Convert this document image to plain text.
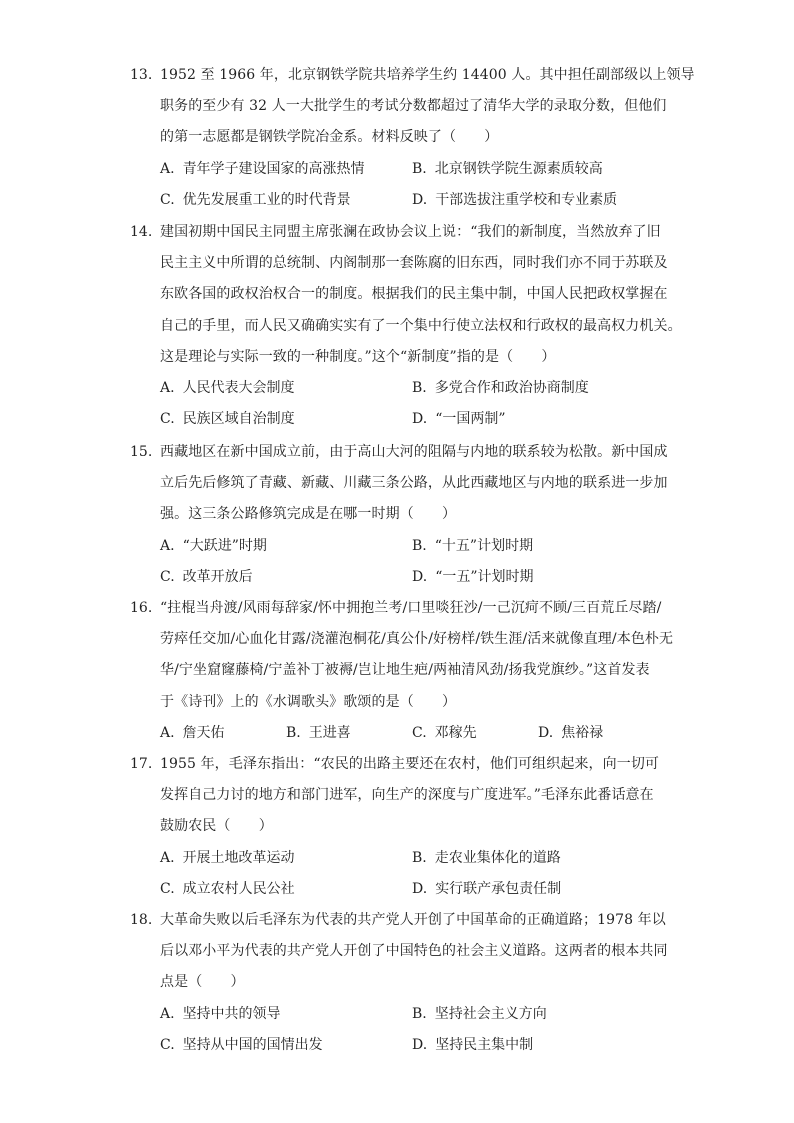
13. 1952 至 1966 年，北京钢铁学院共培养学生约 14400 人。其中担任副部级以上领导
职务的至少有 32 人一大批学生的考试分数都超过了清华大学的录取分数，但他们
的第一志愿都是钢铁学院冶金系。材料反映了（　　）
A. 青年学子建设国家的高涨热情	B. 北京钢铁学院生源素质较高
C. 优先发展重工业的时代背景	D. 干部选拔注重学校和专业素质
14. 建国初期中国民主同盟主席张澜在政协会议上说：“我们的新制度，当然放弃了旧
民主主义中所谓的总统制、内阁制那一套陈腐的旧东西，同时我们亦不同于苏联及
东欧各国的政权治权合一的制度。根据我们的民主集中制，中国人民把政权掌握在
自己的手里，而人民又确确实实有了一个集中行使立法权和行政权的最高权力机关。
这是理论与实际一致的一种制度。”这个“新制度”指的是（　　）
A. 人民代表大会制度	B. 多党合作和政治协商制度
C. 民族区域自治制度	D. “一国两制”
15. 西藏地区在新中国成立前，由于高山大河的阻隔与内地的联系较为松散。新中国成
立后先后修筑了青藏、新藏、川藏三条公路，从此西藏地区与内地的联系进一步加
强。这三条公路修筑完成是在哪一时期（　　）
A. “大跃进”时期	B. “十五”计划时期
C. 改革开放后	D. “一五”计划时期
16. “拄棍当舟渡/风雨每辞家/怀中拥抱兰考/口里啖狂沙/一己沉疴不顾/三百荒丘尽踏/
劳瘁任交加/心血化甘露/浇灌泡桐花/真公仆/好榜样/铁生涯/活来就像直理/本色朴无
华/宁坐窟窿藤椅/宁盖补丁被褥/岂让地生疤/两袖清风劲/扬我党旗纱。”这首发表
于《诗刊》上的《水调歌头》歌颂的是（　　）
A. 詹天佑	B. 王进喜	C. 邓稼先	D. 焦裕禄
17. 1955 年，毛泽东指出：“农民的出路主要还在农村，他们可组织起来，向一切可
发挥自己力讨的地方和部门进军，向生产的深度与广度进军。”毛泽东此番话意在
鼓励农民（　　）
A. 开展土地改革运动	B. 走农业集体化的道路
C. 成立农村人民公社	D. 实行联产承包责任制
18. 大革命失败以后毛泽东为代表的共产党人开创了中国革命的正确道路；1978 年以
后以邓小平为代表的共产党人开创了中国特色的社会主义道路。这两者的根本共同
点是（　　）
A. 坚持中共的领导	B. 坚持社会主义方向
C. 坚持从中国的国情出发	D. 坚持民主集中制
